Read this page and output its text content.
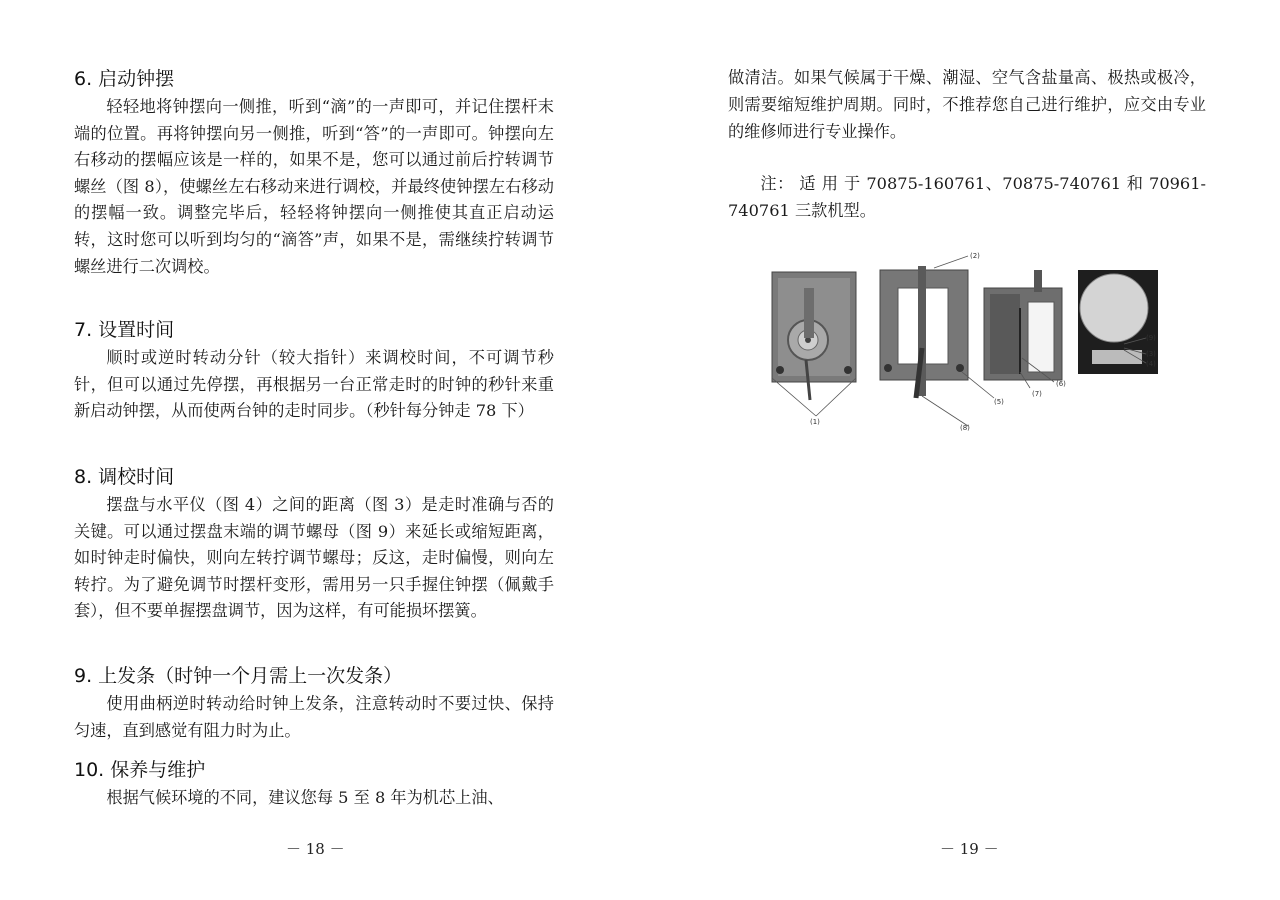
6. 启动钟摆

轻轻地将钟摆向一侧推，听到“滴”的一声即可，并记住摆杆末端的位置。再将钟摆向另一侧推，听到“答”的一声即可。钟摆向左右移动的摆幅应该是一样的，如果不是，您可以通过前后拧转调节螺丝（图 8），使螺丝左右移动来进行调校，并最终使钟摆左右移动的摆幅一致。调整完毕后，轻轻将钟摆向一侧推使其直正启动运转，这时您可以听到均匀的“滴答”声，如果不是，需继续拧转调节螺丝进行二次调校。

7. 设置时间

顺时或逆时转动分针（较大指针）来调校时间，不可调节秒针，但可以通过先停摆，再根据另一台正常走时的时钟的秒针来重新启动钟摆，从而使两台钟的走时同步。（秒针每分钟走 78 下）

8. 调校时间

摆盘与水平仪（图 4）之间的距离（图 3）是走时准确与否的关键。可以通过摆盘末端的调节螺母（图 9）来延长或缩短距离，如时钟走时偏快，则向左转拧调节螺母；反这，走时偏慢，则向左转拧。为了避免调节时摆杆变形，需用另一只手握住钟摆（佩戴手套），但不要单握摆盘调节，因为这样，有可能损坏摆簧。

9. 上发条（时钟一个月需上一次发条）

使用曲柄逆时转动给时钟上发条，注意转动时不要过快、保持匀速，直到感觉有阻力时为止。

10. 保养与维护

根据气候环境的不同，建议您每 5 至 8 年为机芯上油、

－ 18 －

做清洁。如果气候属于干燥、潮湿、空气含盐量高、极热或极冷，则需要缩短维护周期。同时，不推荐您自己进行维护，应交由专业的维修师进行专业操作。

注： 适 用 于 70875-160761、70875-740761 和 70961-740761 三款机型。

(2)
(9)
(3)
(4)
(6)
(7)
(5)
(1)
(8)
－ 19 －
